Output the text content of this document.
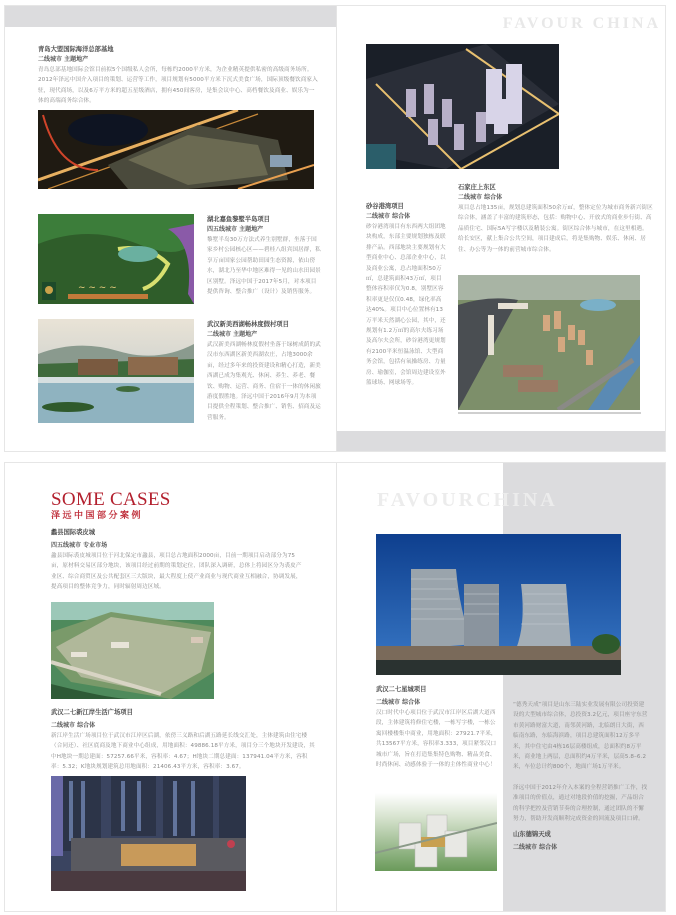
青岛大盟国际海洋总部基地
二线城市 主题地产
青岛总部基地国际会馆目前拟5个国级私人会所，每栋约2000平方米，为企业精英提供私密的高级商务场所。2012年泽远中国介入项目的策划、运营等工作，项目规划有5000平方米下沉式美食广场，国际顶级餐饮商家入驻，现代商场，以及6万平方米的超五星级酒店，拥有450间客房，是集会议中心、高档餐饮及商业、娱乐为一体的高端商务综合体。
~ ~ ~ ~
湖北嘉鱼黎墅半岛项目
四五线城市 主题地产
黎墅半岛30万方法式养生别墅群，坐落于国家乡村公园核心区——碧桂八组宾国居群，私享万亩国家公园帮助田园生态资源，依山傍水，湖北乃至华中地区难得一见的山水田园景区别墅。泽远中国于2017年5月，对本项目提供咨询、整合推广（设计）及销售服务。
武汉新美西湖畅林度假村项目
二线城市 主题地产
武汉新美西湖畅林度假村坐落于绿树成荫的武汉市东西湖区新美西湖农庄，占地3000余亩，经过多年来的投资建设和精心打造，新美西湖已成为集观光、休闲、养生、养老、餐饮、购物、运营、商务、住宿于一体的休闲旅游度假胜地。泽远中国于2016年9月为本项目提供全程策划、整合推广、销售、招商及运营服务。
FAVOUR CHINA
石家庄上东区
二线城市 综合体
项目总占地135亩，规划总建筑面积50余万㎡，整体定位为城市商务新兴街区综合体，涵盖了丰富的建筑形态，包括：购物中心、开放式的商业步行街、高品质住宅、国际5A写字楼以及精装公寓。街区综合体与城市，在这里相遇。给长安区，献上集合公共空间，项目建成后，将是集购物、娱乐、休闲、居住、办公等为一体的前营城市综合体。
砂谷港湾项目
二线城市 综合体
砂谷港湾项目有东西两大组团地块构成，东部主要规划独栋及联排产品。西部地块主要规划有大型商业中心、总部企业中心，以及商业公寓，总占地面积50万㎡，总建筑面积43万㎡，项目整体容积率仅为0.8，别墅区容积率更是仅仅0.48，绿化率高达40%。项目中心位置林有13万平米天然湖心公园，其中，还规划有1.2万㎡的高尔夫练习场及高尔夫会所，砂谷港湾更规划有2100平米恒温泳馆、大型商务会馆，包括有氧操练房、力量房、瑜伽室，会馆周边建设室外篮球场、网球场等。
SOME CASES
泽远中国部分案例
蠡县国际裘皮城
四五线城市 专业市场
蠡县国际裘皮城项目位于河北保定市蠡县，项目总占地面积2000亩，目前一期项目启动部分为75亩，原材料交易区部分地块，该项目经过前期的策划定位，团队深入调研，总体上将园区分为裘皮产业区、综合商贸区及公共配套区三大版块，最大程度上使产业商业与现代商业互相融合，协调发展，提高项目的整体竞争力，同时辐射周边区域。
武汉二七新江岸生活广场项目
二线城市 综合体
新江岸生活广场项目位于武汉市江岸区后湖，依傍三义路和后湖五路延长线交汇处，主体建筑由住宅楼（合同还）、社区底商及地下商业中心组成，用地面积：49886.18平方米，项目分三个地块开发建设，其中H地块一期总建面：57257.66平米，容积率：4.67；H地块二期总建面：137941.04平方米，容积率：5.32；K地块规划建筑总用地面积：21406.43平方米，容积率：3.67。
FAVOURCHINA
武汉二七星城项目
二线城市 综合体
汉口时代中心项目位于武汉市江岸区后湖大道西段，主体建筑将修住宅楼，一栋写字楼，一栋公寓回楼楼集中商业，用地面积：27921.7平米，共13567平方米，容积率3.333，项目紧邻汉口城市广场，旨在打造集集特色购物、精品美食、时尚休闲、动感体验于一体的主体性商业中心！
“德秀天成”项目是山东三陆实业发展有限公司投资建设的大型城市综合体，总投资3.2亿元，项目座守东营市黄河路财富大道，南邻黄河路，北临朗日大街，西临南东路，东临海滨路，项目总建筑面积12万多平米，其中住宅由4栋16层高楼组成，总面积约8万平米，商业地上两层，总面积约4万平米，层高5.8–6.2米，车位总计约800个，地面广场1万平米。
泽远中国于2012年介入本案的全程营销推广工作，找准项目的价值点，通过对地段价值的挖掘，产品组合的科学把控及营销节奏的合理控制，通过团队的不懈努力，帮助开发商顺利完成资金的回流及项目口碑。
山东德锦天成
二线城市 综合体
